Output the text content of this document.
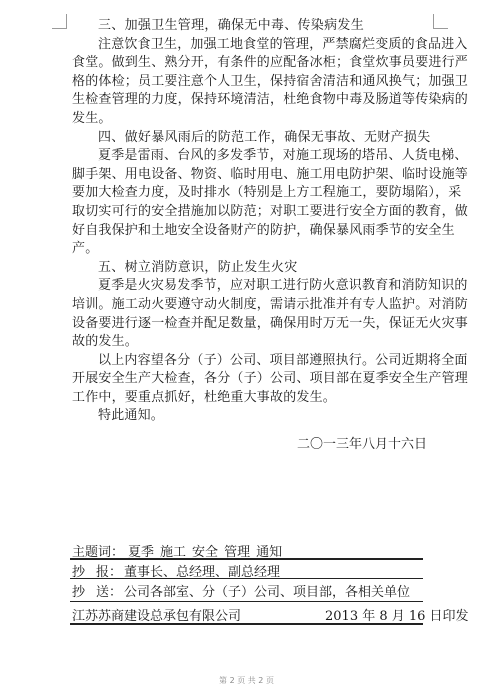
三、加强卫生管理，确保无中毒、传染病发生
注意饮食卫生，加强工地食堂的管理，严禁腐烂变质的食品进入
食堂。做到生、熟分开，有条件的应配备冰柜；食堂炊事员要进行严
格的体检；员工要注意个人卫生，保持宿舍清洁和通风换气；加强卫
生检查管理的力度，保持环境清洁，杜绝食物中毒及肠道等传染病的
发生。
四、做好暴风雨后的防范工作，确保无事故、无财产损失
夏季是雷雨、台风的多发季节，对施工现场的塔吊、人货电梯、
脚手架、用电设备、物资、临时用电、施工用电防护架、临时设施等
要加大检查力度，及时排水（特别是上方工程施工，要防塌陷），采
取切实可行的安全措施加以防范；对职工要进行安全方面的教育，做
好自我保护和土地安全设备财产的防护，确保暴风雨季节的安全生
产。
五、树立消防意识，防止发生火灾
夏季是火灾易发季节，应对职工进行防火意识教育和消防知识的
培训。施工动火要遵守动火制度，需请示批准并有专人监护。对消防
设备要进行逐一检查并配足数量，确保用时万无一失，保证无火灾事
故的发生。
以上内容望各分（子）公司、项目部遵照执行。公司近期将全面
开展安全生产大检查，各分（子）公司、项目部在夏季安全生产管理
工作中，要重点抓好，杜绝重大事故的发生。
特此通知。
二〇一三年八月十六日
主题词： 夏季 施工 安全 管理 通知
抄 报： 董事长、总经理、副总经理
抄 送： 公司各部室、分（子）公司、项目部，各相关单位
江苏苏商建设总承包有限公司	2013 年 8 月 16 日印发
第 2 页 共 2 页
